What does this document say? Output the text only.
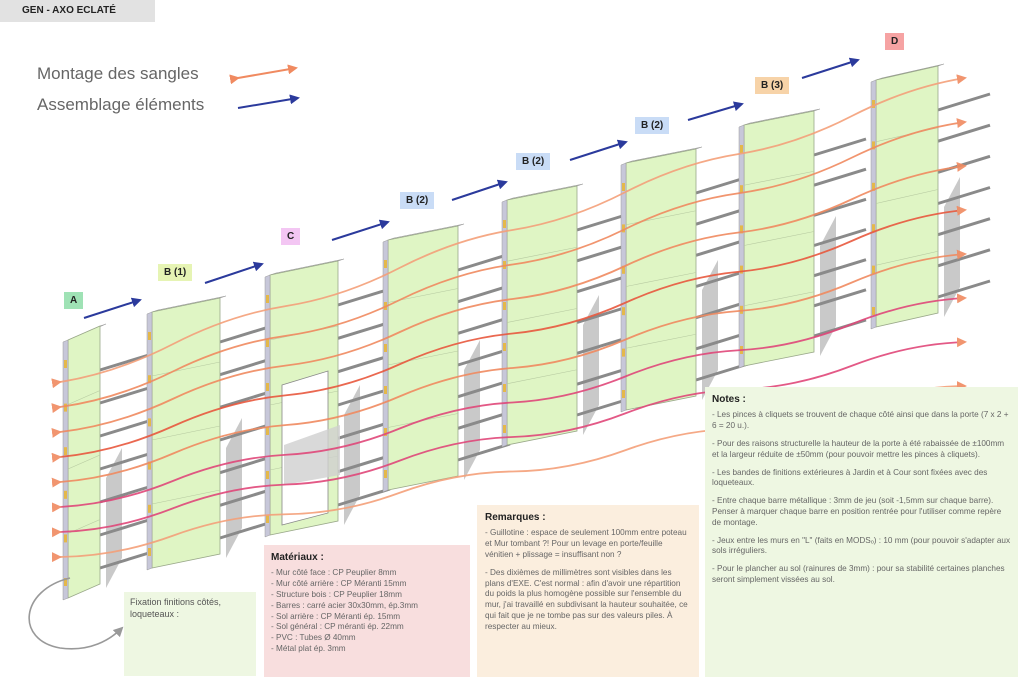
GEN - AXO ECLATÉ
Montage des sangles
Assemblage éléments
A
B (1)
C
B (2)
B (2)
B (2)
B (3)
D
Matériaux :
- Mur côté face : CP Peuplier 8mm
- Mur côté arrière : CP Méranti 15mm
- Structure bois : CP Peuplier 18mm
- Barres : carré acier 30x30mm, ép.3mm
- Sol arrière : CP Méranti ép. 15mm
- Sol général : CP méranti ép. 22mm
- PVC : Tubes Ø 40mm
- Métal plat ép. 3mm
Remarques :

- Guillotine : espace de seulement 100mm entre poteau et Mur tombant ?! Pour un levage en porte/feuille vénitien + plissage = insuffisant non ?

- Des dixièmes de millimètres sont visibles dans les plans d'EXE. C'est normal : afin d'avoir une répartition du poids la plus homogène possible sur l'ensemble du mur, j'ai travaillé en subdivisant la hauteur souhaitée, ce qui fait que je ne tombe pas sur des valeurs piles. À respecter au mieux.

Notes :

- Les pinces à cliquets se trouvent de chaque côté ainsi que dans la porte (7 x 2 + 6 = 20 u.).

- Pour des raisons structurelle la hauteur de la porte à été rabaissée de ±100mm et la largeur réduite de ±50mm (pour pouvoir mettre les pinces à cliquets).

- Les bandes de finitions extérieures à Jardin et à Cour sont fixées avec des loqueteaux.

- Entre chaque barre métallique : 3mm de jeu (soit -1,5mm sur chaque barre). Penser à marquer chaque barre en position rentrée pour l'utiliser comme repère de montage.

- Jeux entre les murs en "L" (faits en MODSₒ) : 10 mm (pour pouvoir s'adapter aux sols irréguliers.

- Pour le plancher au sol (rainures de 3mm) : pour sa stabilité certaines planches seront simplement vissées au sol.

Fixation finitions côtés, loqueteaux :
